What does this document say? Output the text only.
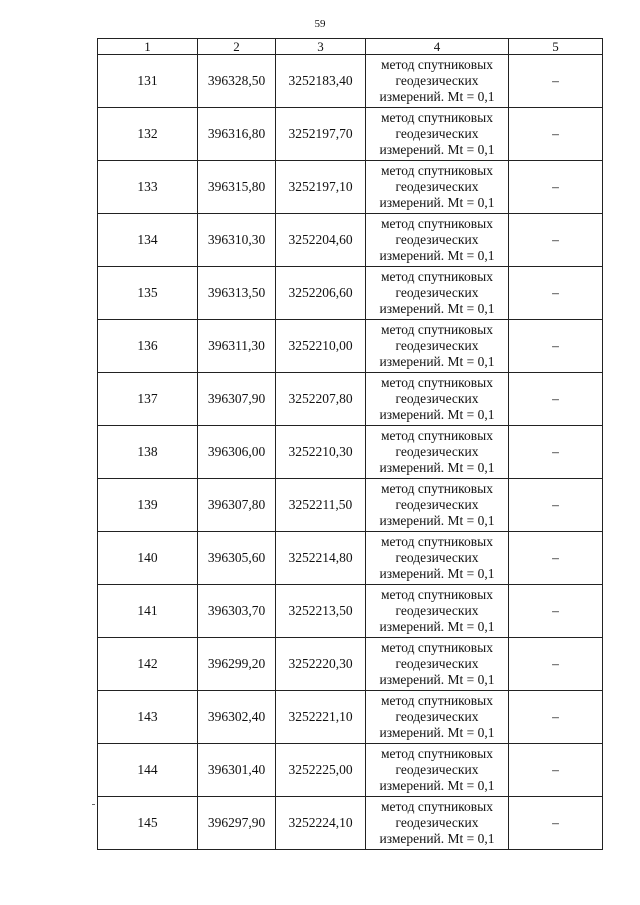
59
1	2	3	4	5
131	396328,50	3252183,40	метод спутниковых
геодезических
измерений. Mt = 0,1	–
132	396316,80	3252197,70	метод спутниковых
геодезических
измерений. Mt = 0,1	–
133	396315,80	3252197,10	метод спутниковых
геодезических
измерений. Mt = 0,1	–
134	396310,30	3252204,60	метод спутниковых
геодезических
измерений. Mt = 0,1	–
135	396313,50	3252206,60	метод спутниковых
геодезических
измерений. Mt = 0,1	–
136	396311,30	3252210,00	метод спутниковых
геодезических
измерений. Mt = 0,1	–
137	396307,90	3252207,80	метод спутниковых
геодезических
измерений. Mt = 0,1	–
138	396306,00	3252210,30	метод спутниковых
геодезических
измерений. Mt = 0,1	–
139	396307,80	3252211,50	метод спутниковых
геодезических
измерений. Mt = 0,1	–
140	396305,60	3252214,80	метод спутниковых
геодезических
измерений. Mt = 0,1	–
141	396303,70	3252213,50	метод спутниковых
геодезических
измерений. Mt = 0,1	–
142	396299,20	3252220,30	метод спутниковых
геодезических
измерений. Mt = 0,1	–
143	396302,40	3252221,10	метод спутниковых
геодезических
измерений. Mt = 0,1	–
144	396301,40	3252225,00	метод спутниковых
геодезических
измерений. Mt = 0,1	–
145	396297,90	3252224,10	метод спутниковых
геодезических
измерений. Mt = 0,1	–
